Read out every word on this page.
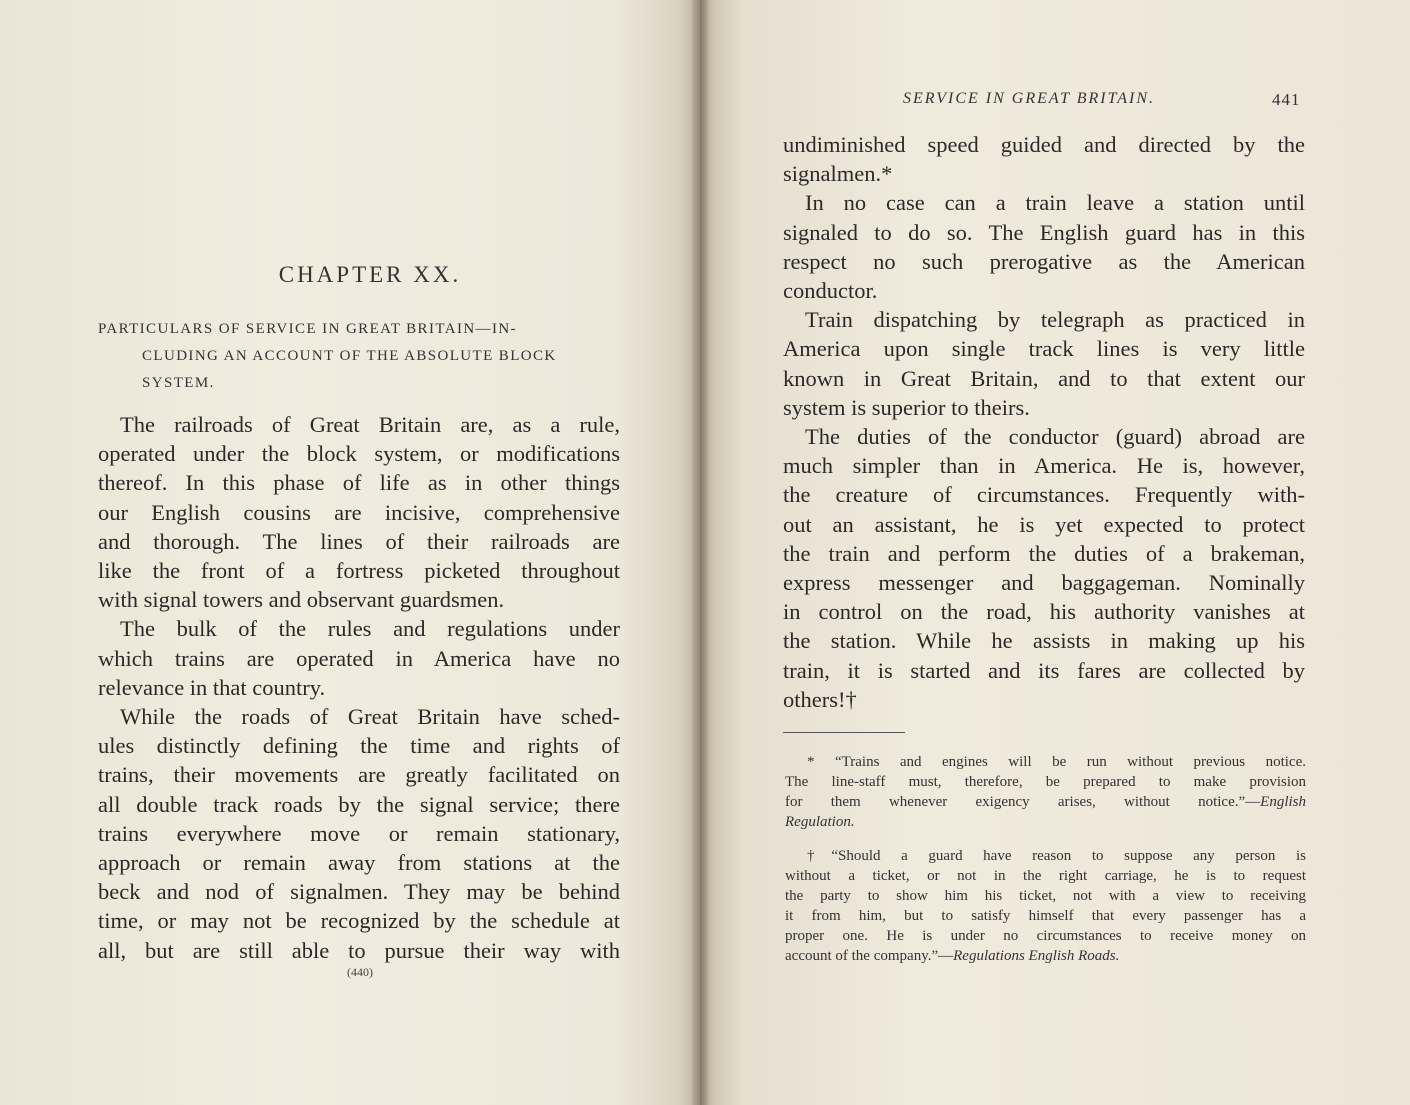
CHAPTER XX.
PARTICULARS OF SERVICE IN GREAT BRITAIN—IN-
CLUDING AN ACCOUNT OF THE ABSOLUTE BLOCK
SYSTEM.

The railroads of Great Britain are, as a rule,
operated under the block system, or modifications
thereof. In this phase of life as in other things
our English cousins are incisive, comprehensive
and thorough. The lines of their railroads are
like the front of a fortress picketed throughout
with signal towers and observant guardsmen.

The bulk of the rules and regulations under
which trains are operated in America have no
relevance in that country.

While the roads of Great Britain have sched-
ules distinctly defining the time and rights of
trains, their movements are greatly facilitated on
all double track roads by the signal service; there
trains everywhere move or remain stationary,
approach or remain away from stations at the
beck and nod of signalmen. They may be behind
time, or may not be recognized by the schedule at
all, but are still able to pursue their way with

(440)
SERVICE IN GREAT BRITAIN.	441

undiminished speed guided and directed by the
signalmen.*

In no case can a train leave a station until
signaled to do so. The English guard has in this
respect no such prerogative as the American
conductor.

Train dispatching by telegraph as practiced in
America upon single track lines is very little
known in Great Britain, and to that extent our
system is superior to theirs.

The duties of the conductor (guard) abroad are
much simpler than in America. He is, however,
the creature of circumstances. Frequently with-
out an assistant, he is yet expected to protect
the train and perform the duties of a brakeman,
express messenger and baggageman. Nominally
in control on the road, his authority vanishes at
the station. While he assists in making up his
train, it is started and its fares are collected by
others!†

* “Trains and engines will be run without previous notice.
The line-staff must, therefore, be prepared to make provision
for them whenever exigency arises, without notice.”—English
Regulation.

†“Should a guard have reason to suppose any person is
without a ticket, or not in the right carriage, he is to request
the party to show him his ticket, not with a view to receiving
it from him, but to satisfy himself that every passenger has a
proper one. He is under no circumstances to receive money on
account of the company.”—Regulations English Roads.
